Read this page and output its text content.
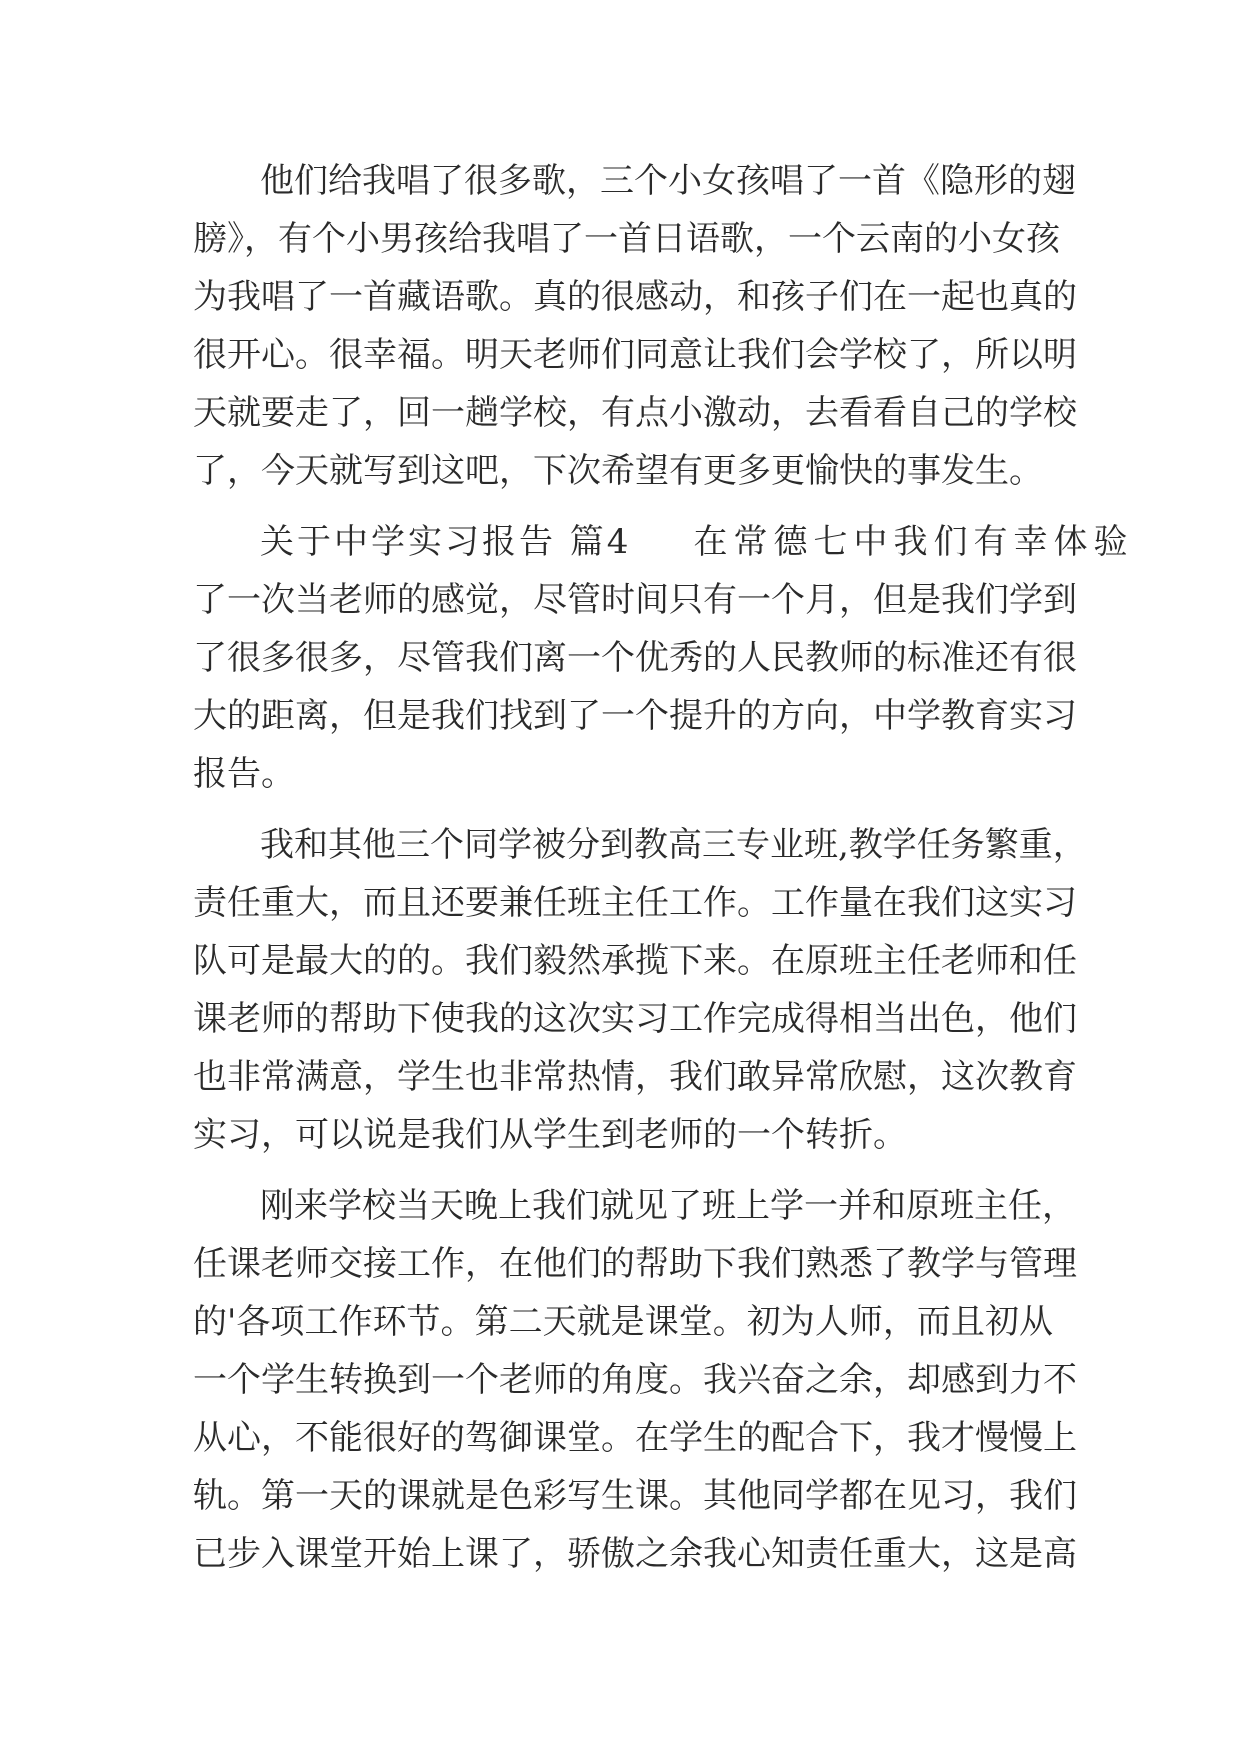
他们给我唱了很多歌，三个小女孩唱了一首《隐形的翅
膀》，有个小男孩给我唱了一首日语歌，一个云南的小女孩
为我唱了一首藏语歌。真的很感动，和孩子们在一起也真的
很开心。很幸福。明天老师们同意让我们会学校了，所以明
天就要走了，回一趟学校，有点小激动，去看看自己的学校
了，今天就写到这吧，下次希望有更多更愉快的事发生。
关于中学实习报告 篇4 在常德七中我们有幸体验
了一次当老师的感觉，尽管时间只有一个月，但是我们学到
了很多很多，尽管我们离一个优秀的人民教师的标准还有很
大的距离，但是我们找到了一个提升的方向，中学教育实习
报告。
我和其他三个同学被分到教高三专业班,教学任务繁重，
责任重大，而且还要兼任班主任工作。工作量在我们这实习
队可是最大的的。我们毅然承揽下来。在原班主任老师和任
课老师的帮助下使我的这次实习工作完成得相当出色，他们
也非常满意，学生也非常热情，我们敢异常欣慰，这次教育
实习，可以说是我们从学生到老师的一个转折。
刚来学校当天晚上我们就见了班上学一并和原班主任，
任课老师交接工作，在他们的帮助下我们熟悉了教学与管理
的'各项工作环节。第二天就是课堂。初为人师，而且初从
一个学生转换到一个老师的角度。我兴奋之余，却感到力不
从心，不能很好的驾御课堂。在学生的配合下，我才慢慢上
轨。第一天的课就是色彩写生课。其他同学都在见习，我们
已步入课堂开始上课了，骄傲之余我心知责任重大，这是高
